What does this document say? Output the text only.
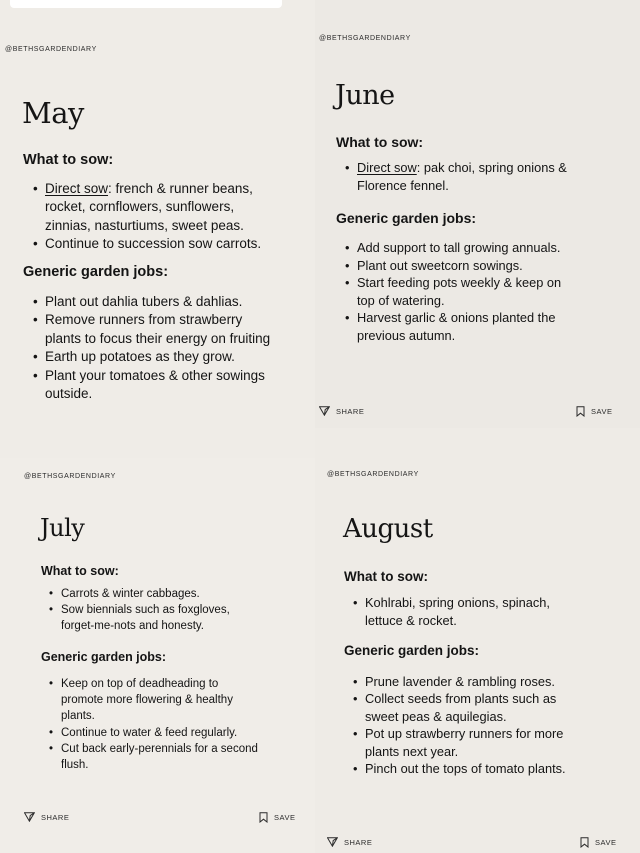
@BETHSGARDENDIARY
May
What to sow:
• Direct sow: french & runner beans,
rocket, cornflowers, sunflowers,
zinnias, nasturtiums, sweet peas.
• Continue to succession sow carrots.
Generic garden jobs:
• Plant out dahlia tubers & dahlias.
• Remove runners from strawberry
plants to focus their energy on fruiting
• Earth up potatoes as they grow.
• Plant your tomatoes & other sowings
outside.
@BETHSGARDENDIARY
June
What to sow:
• Direct sow: pak choi, spring onions &
Florence fennel.
Generic garden jobs:
• Add support to tall growing annuals.
• Plant out sweetcorn sowings.
• Start feeding pots weekly & keep on
top of watering.
• Harvest garlic & onions planted the
previous autumn.
SHARE	SAVE
@BETHSGARDENDIARY
July
What to sow:
• Carrots & winter cabbages.
• Sow biennials such as foxgloves,
forget-me-nots and honesty.
Generic garden jobs:
• Keep on top of deadheading to
promote more flowering & healthy
plants.
• Continue to water & feed regularly.
• Cut back early-perennials for a second
flush.
SHARE	SAVE
@BETHSGARDENDIARY
August
What to sow:
• Kohlrabi, spring onions, spinach,
lettuce & rocket.
Generic garden jobs:
• Prune lavender & rambling roses.
• Collect seeds from plants such as
sweet peas & aquilegias.
• Pot up strawberry runners for more
plants next year.
• Pinch out the tops of tomato plants.
SHARE	SAVE
